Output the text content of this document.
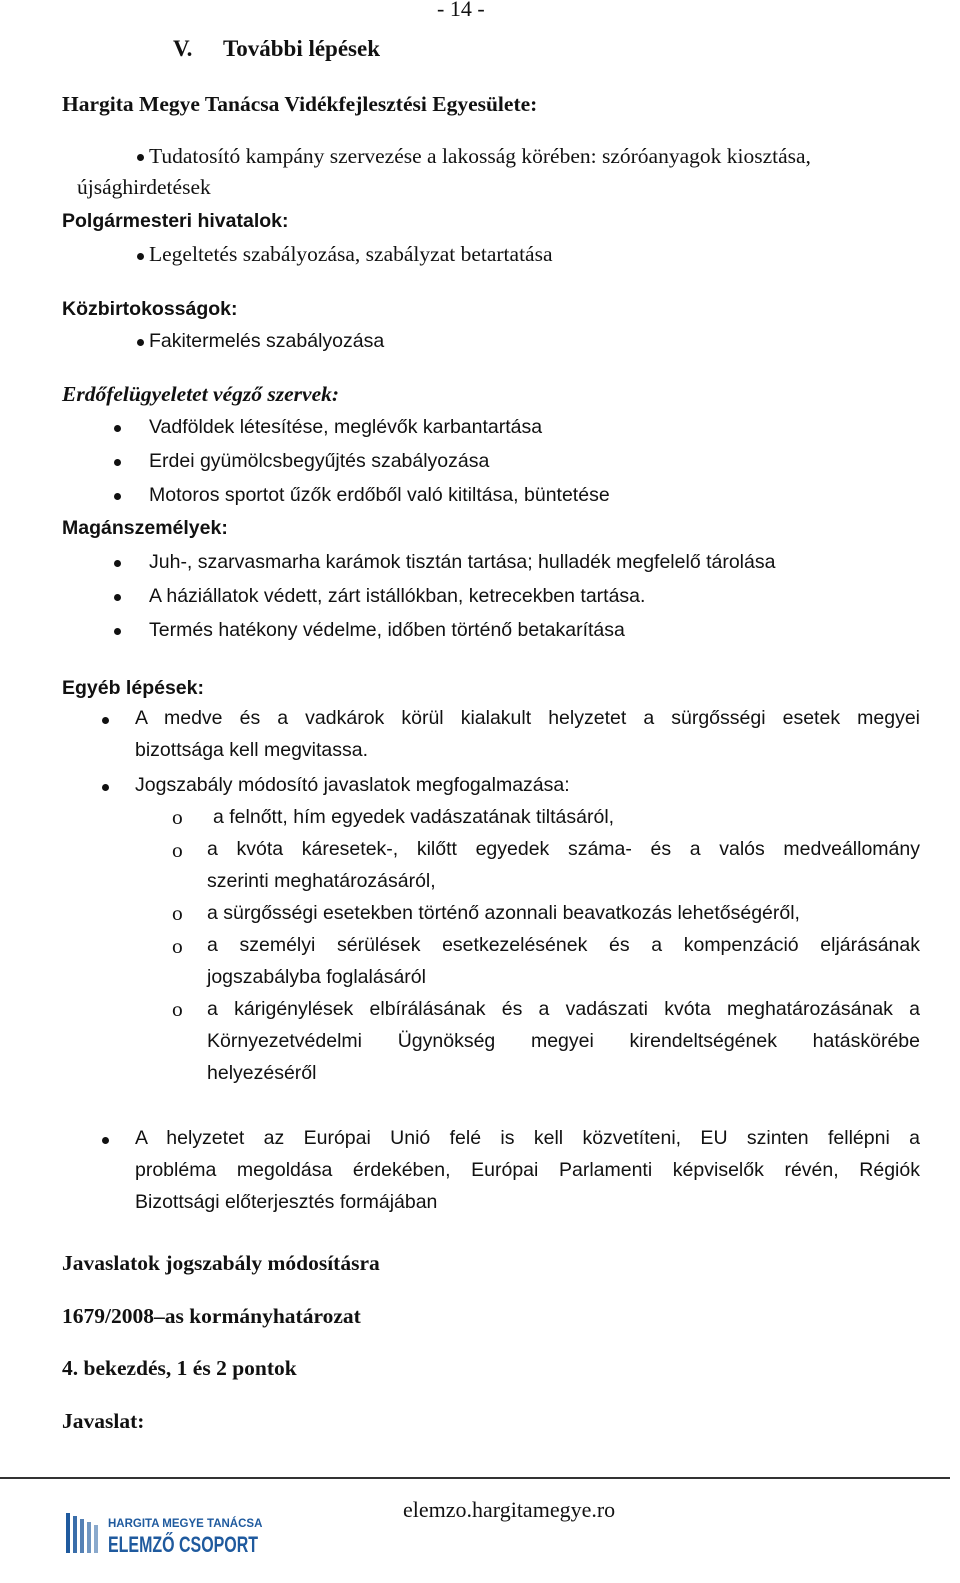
- 14 -
V. További lépések
Hargita Megye Tanácsa Vidékfejlesztési Egyesülete:
Tudatosító kampány szervezése a lakosság körében: szóróanyagok kiosztása,
újsághirdetések
Polgármesteri hivatalok:
Legeltetés szabályozása, szabályzat betartatása
Közbirtokosságok:
Fakitermelés szabályozása
Erdőfelügyeletet végző szervek:
Vadföldek létesítése, meglévők karbantartása
Erdei gyümölcsbegyűjtés szabályozása
Motoros sportot űzők erdőből való kitiltása, büntetése
Magánszemélyek:
Juh-, szarvasmarha karámok tisztán tartása; hulladék megfelelő tárolása
A háziállatok védett, zárt istállókban, ketrecekben tartása.
Termés hatékony védelme, időben történő betakarítása
Egyéb lépések:
A medve és a vadkárok körül kialakult helyzetet a sürgősségi esetek megyei
bizottsága kell megvitassa.
Jogszabály módosító javaslatok megfogalmazása:
o a felnőtt, hím egyedek vadászatának tiltásáról,
o a kvóta káresetek-, kilőtt egyedek száma- és a valós medveállomány
szerinti meghatározásáról,
o a sürgősségi esetekben történő azonnali beavatkozás lehetőségéről,
o a személyi sérülések esetkezelésének és a kompenzáció eljárásának
jogszabályba foglalásáról
o a kárigénylések elbírálásának és a vadászati kvóta meghatározásának a
Környezetvédelmi Ügynökség megyei kirendeltségének hatáskörébe
helyezéséről
A helyzetet az Európai Unió felé is kell közvetíteni, EU szinten fellépni a
probléma megoldása érdekében, Európai Parlamenti képviselők révén, Régiók
Bizottsági előterjesztés formájában
Javaslatok jogszabály módosításra
1679/2008–as kormányhatározat
4. bekezdés, 1 és 2 pontok
Javaslat:
elemzo.hargitamegye.ro
HARGITA MEGYE TANÁCSA
ELEMZŐ CSOPORT
